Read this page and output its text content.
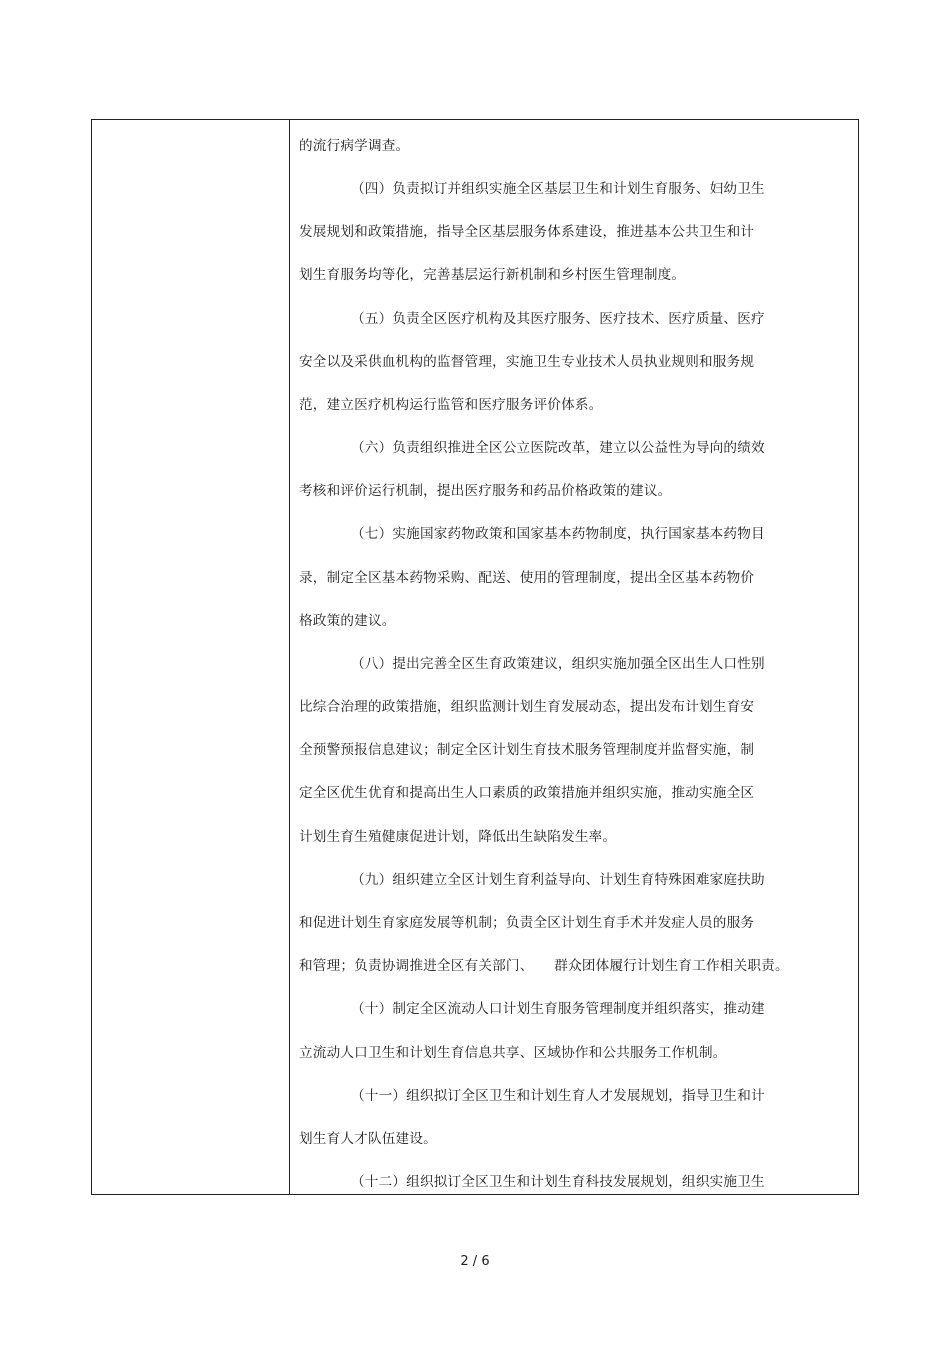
的流行病学调查。
（四）负责拟订并组织实施全区基层卫生和计划生育服务、妇幼卫生
发展规划和政策措施，指导全区基层服务体系建设，推进基本公共卫生和计
划生育服务均等化，完善基层运行新机制和乡村医生管理制度。
（五）负责全区医疗机构及其医疗服务、医疗技术、医疗质量、医疗
安全以及采供血机构的监督管理，实施卫生专业技术人员执业规则和服务规
范，建立医疗机构运行监管和医疗服务评价体系。
（六）负责组织推进全区公立医院改革，建立以公益性为导向的绩效
考核和评价运行机制，提出医疗服务和药品价格政策的建议。
（七）实施国家药物政策和国家基本药物制度，执行国家基本药物目
录，制定全区基本药物采购、配送、使用的管理制度，提出全区基本药物价
格政策的建议。
（八）提出完善全区生育政策建议，组织实施加强全区出生人口性别
比综合治理的政策措施，组织监测计划生育发展动态，提出发布计划生育安
全预警预报信息建议；制定全区计划生育技术服务管理制度并监督实施，制
定全区优生优育和提高出生人口素质的政策措施并组织实施，推动实施全区
计划生育生殖健康促进计划，降低出生缺陷发生率。
（九）组织建立全区计划生育利益导向、计划生育特殊困难家庭扶助
和促进计划生育家庭发展等机制；负责全区计划生育手术并发症人员的服务
和管理；负责协调推进全区有关部门、　　群众团体履行计划生育工作相关职责。
（十）制定全区流动人口计划生育服务管理制度并组织落实，推动建
立流动人口卫生和计划生育信息共享、区域协作和公共服务工作机制。
（十一）组织拟订全区卫生和计划生育人才发展规划，指导卫生和计
划生育人才队伍建设。
（十二）组织拟订全区卫生和计划生育科技发展规划，组织实施卫生
2 / 6
